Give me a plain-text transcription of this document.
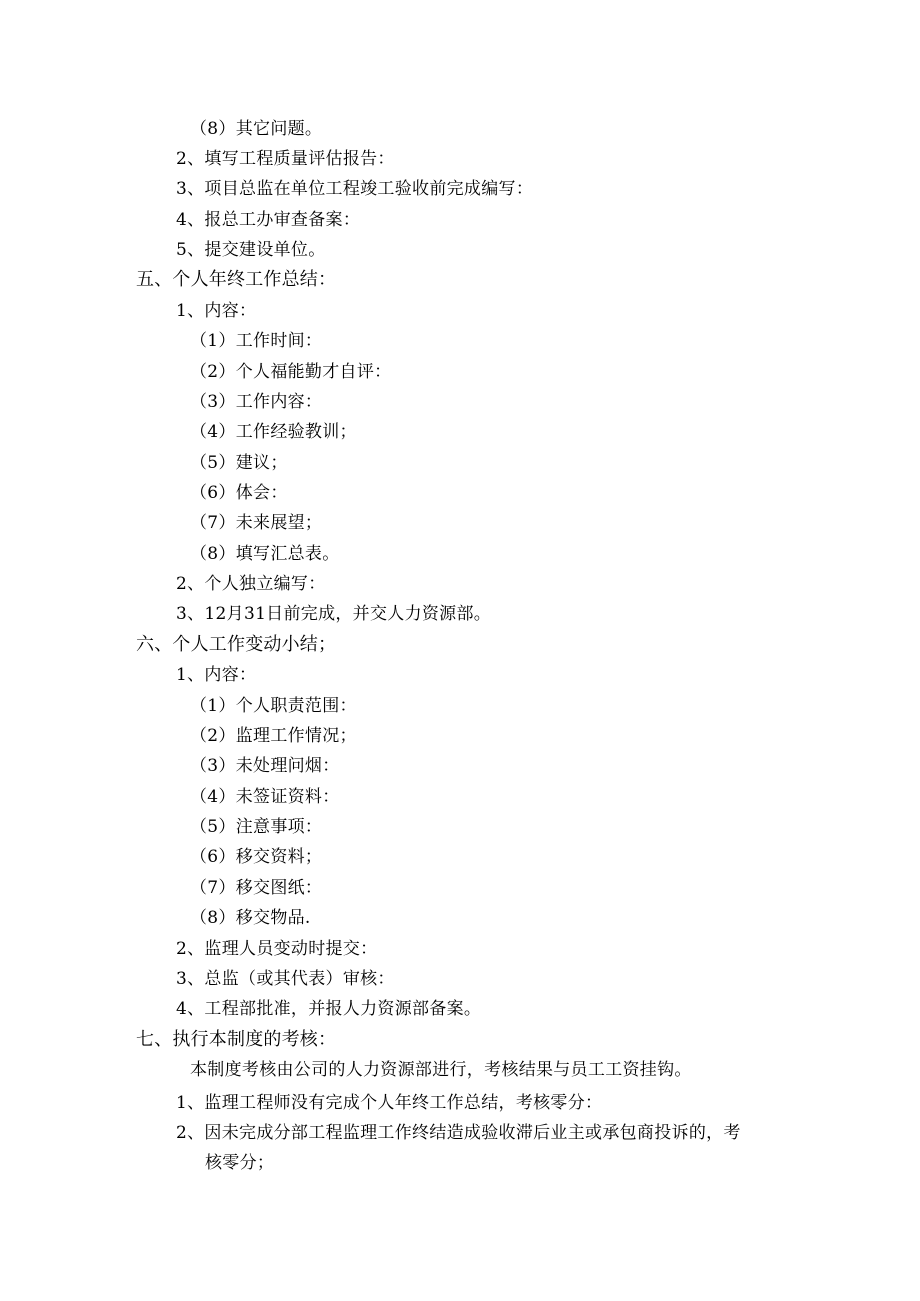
（8）其它问题。
2、填写工程质量评估报告：
3、项目总监在单位工程竣工验收前完成编写：
4、报总工办审查备案：
5、提交建设单位。
五、个人年终工作总结：
1、内容：
（1）工作时间：
（2）个人福能勤才自评：
（3）工作内容：
（4）工作经验教训；
（5）建议；
（6）体会：
（7）未来展望；
（8）填写汇总表。
2、个人独立编写：
3、12月31日前完成，并交人力资源部。
六、个人工作变动小结；
1、内容：
（1）个人职责范围：
（2）监理工作情况；
（3）未处理问烟：
（4）未签证资料：
（5）注意事项：
（6）移交资料；
（7）移交图纸：
（8）移交物品.
2、监理人员变动时提交：
3、总监（或其代表）审核：
4、工程部批准，并报人力资源部备案。
七、执行本制度的考核：
本制度考核由公司的人力资源部进行，考核结果与员工工资挂钩。
1、监理工程师没有完成个人年终工作总结，考核零分：
2、因未完成分部工程监理工作终结造成验收滞后业主或承包商投诉的，考
核零分；
